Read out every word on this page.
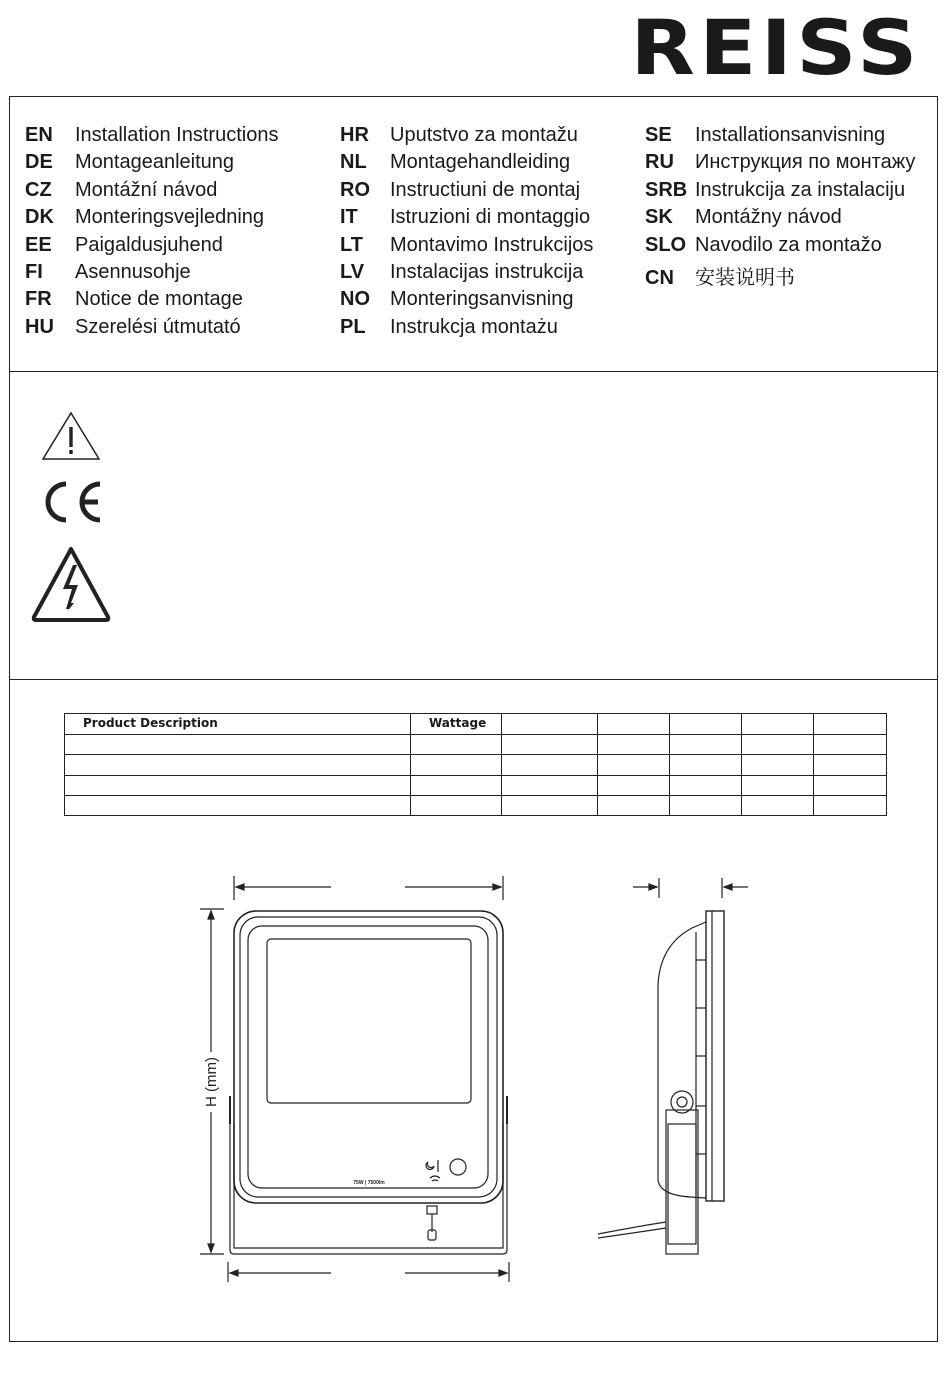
REISS
EN	Installation Instructions
DE	Montageanleitung
CZ	Montážní návod
DK	Monteringsvejledning
EE	Paigaldusjuhend
FI	Asennusohje
FR	Notice de montage
HU	Szerelési útmutató
HR	Uputstvo za montažu
NL	Montagehandleiding
RO	Instructiuni de montaj
IT	Istruzioni di montaggio
LT	Montavimo Instrukcijos
LV	Instalacijas instrukcija
NO	Monteringsanvisning
PL	Instrukcja montażu
SE	Installationsanvisning
RU	Инструкция по монтажу
SRB Instrukcija za instalaciju
SK	Montážny návod
SLO Navodilo za montažo
CN	安装说明书
Product Description	Wattage					

H (mm)
75W | 7500lm
